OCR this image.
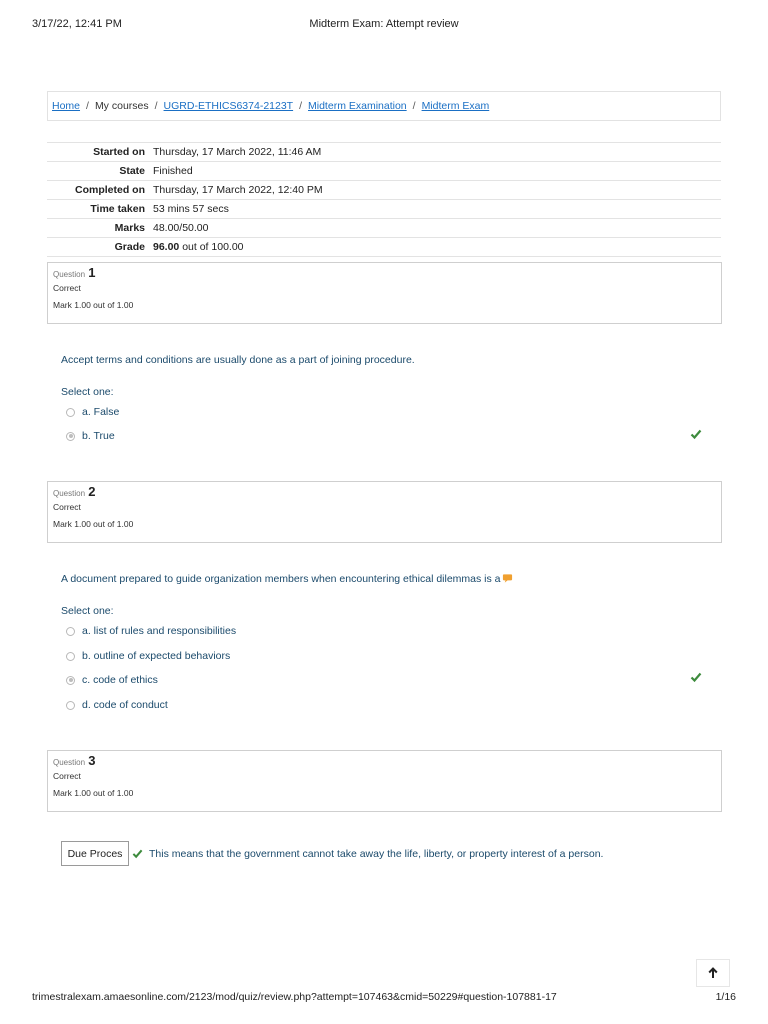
3/17/22, 12:41 PM	Midterm Exam: Attempt review
Home / My courses / UGRD-ETHICS6374-2123T / Midterm Examination / Midterm Exam
Started on	Thursday, 17 March 2022, 11:46 AM
State	Finished
Completed on	Thursday, 17 March 2022, 12:40 PM
Time taken	53 mins 57 secs
Marks	48.00/50.00
Grade	96.00 out of 100.00
Question 1
Correct
Mark 1.00 out of 1.00
Accept terms and conditions are usually done as a part of joining procedure.
Select one:
a. False
b. True
Question 2
Correct
Mark 1.00 out of 1.00
A document prepared to guide organization members when encountering ethical dilemmas is a
Select one:
a. list of rules and responsibilities
b. outline of expected behaviors
c. code of ethics
d. code of conduct
Question 3
Correct
Mark 1.00 out of 1.00
Due Proces	This means that the government cannot take away the life, liberty, or property interest of a person.
trimestralexam.amaesonline.com/2123/mod/quiz/review.php?attempt=107463&cmid=50229#question-107881-17	1/16
